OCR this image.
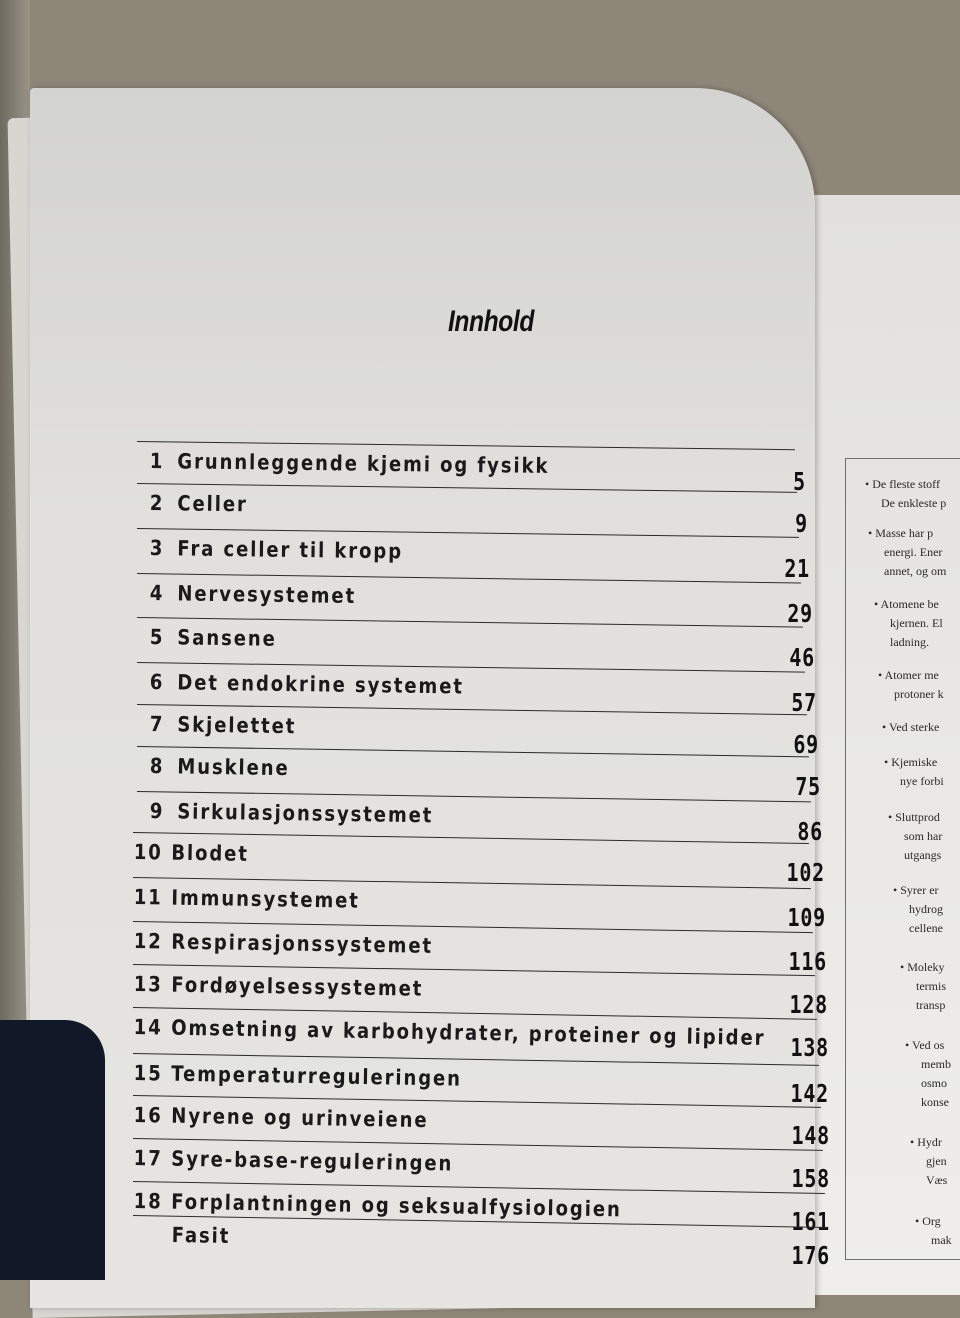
• De fleste stoff
De enkleste p
• Masse har p
energi. Ener
annet, og om
• Atomene be
kjernen. El
ladning.
• Atomer me
protoner k
• Ved sterke
• Kjemiske
nye forbi
• Sluttprod
som har
utgangs
• Syrer er
hydrog
cellene
• Moleky
termis
transp
• Ved os
memb
osmo
konse
• Hydr
gjen
Væs
• Org
mak
Innhold
1 Grunnleggende kjemi og fysikk
5
2 Celler
9
3 Fra celler til kropp
21
4 Nervesystemet
29
5 Sansene
46
6 Det endokrine systemet
57
7 Skjelettet
69
8 Musklene
75
9 Sirkulasjonssystemet
86
10 Blodet
102
11 Immunsystemet
109
12 Respirasjonssystemet
116
13 Fordøyelsessystemet
128
14 Omsetning av karbohydrater, proteiner og lipider 138
15 Temperaturreguleringen
142
16 Nyrene og urinveiene
148
17 Syre-base-reguleringen
158
18 Forplantningen og seksualfysiologien
161
Fasit
176
